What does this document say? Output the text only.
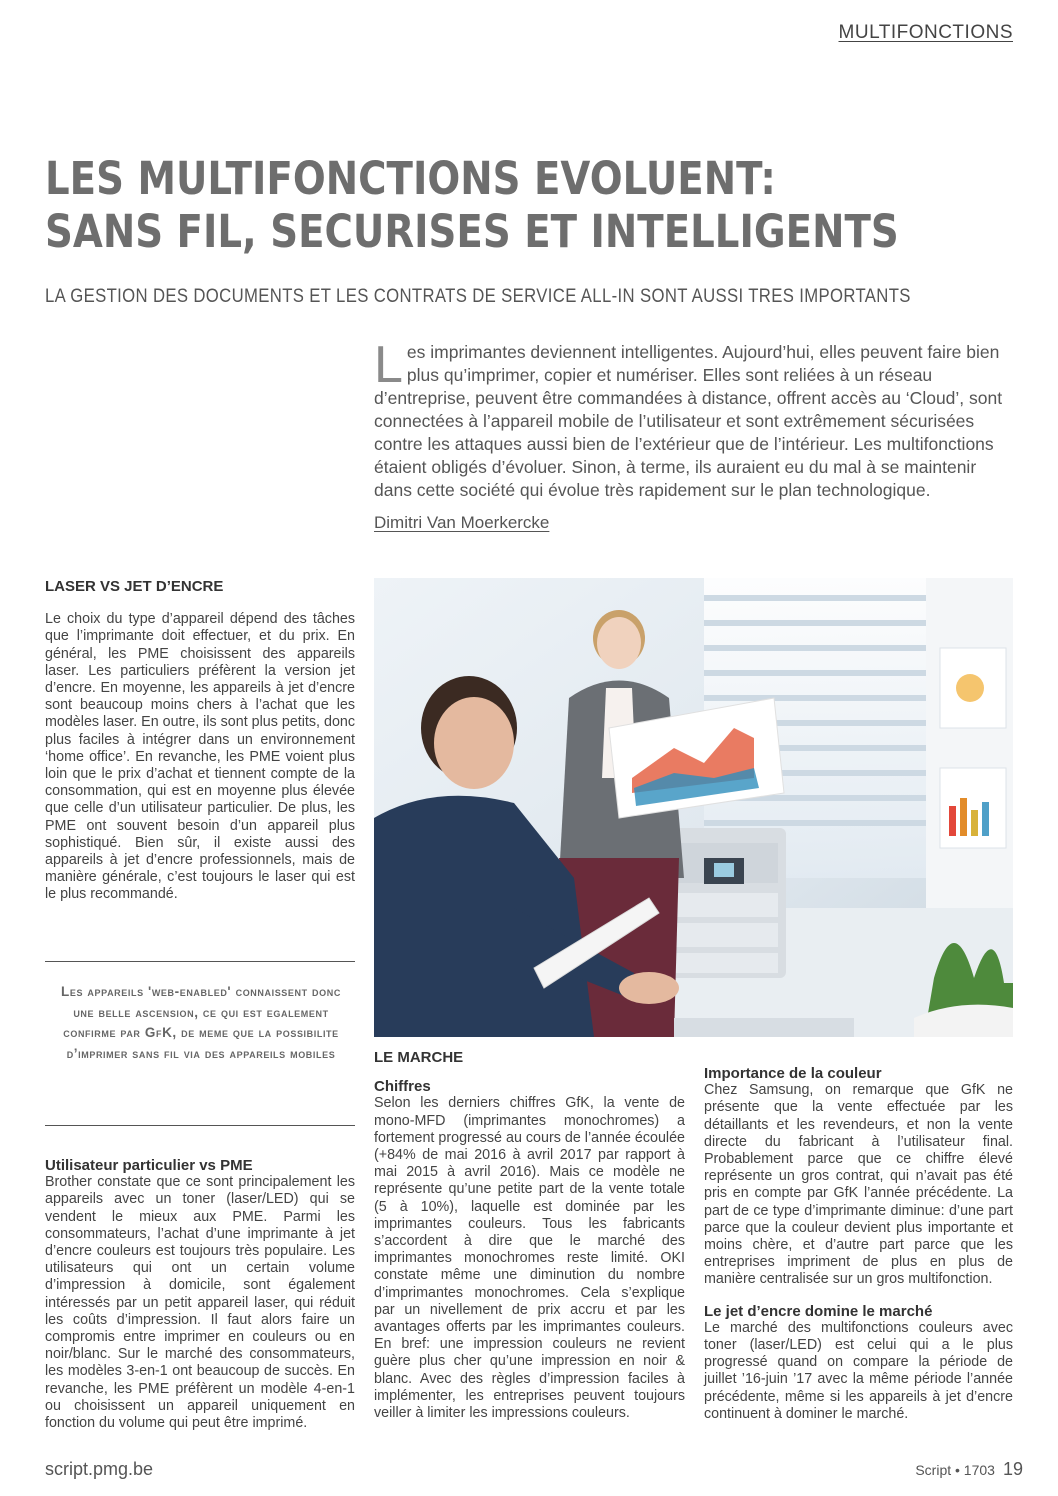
MULTIFONCTIONS
LES MULTIFONCTIONS EVOLUENT:
SANS FIL, SECURISES ET INTELLIGENTS
LA GESTION DES DOCUMENTS ET LES CONTRATS DE SERVICE ALL-IN SONT AUSSI TRES IMPORTANTS
L es imprimantes deviennent intelligentes. Aujourd’hui, elles peuvent faire bien plus qu’imprimer, copier et numériser. Elles sont reliées à un réseau d’entreprise, peuvent être commandées à distance, offrent accès au ‘Cloud’, sont connectées à l’appareil mobile de l’utilisateur et sont extrêmement sécurisées contre les attaques aussi bien de l’extérieur que de l’intérieur. Les multifonctions étaient obligés d’évoluer. Sinon, à terme, ils auraient eu du mal à se maintenir dans cette société qui évolue très rapidement sur le plan technologique.
Dimitri Van Moerkercke
LASER VS JET D’ENCRE

Le choix du type d’appareil dépend des tâches que l’imprimante doit effectuer, et du prix. En général, les PME choisissent des appareils laser. Les particuliers préfèrent la version jet d’encre. En moyenne, les appareils à jet d’encre sont beaucoup moins chers à l’achat que les modèles laser. En outre, ils sont plus petits, donc plus faciles à intégrer dans un environnement ‘home office’. En revanche, les PME voient plus loin que le prix d’achat et tiennent compte de la consommation, qui est en moyenne plus élevée que celle d’un utilisateur particulier. De plus, les PME ont souvent besoin d’un appareil plus sophistiqué. Bien sûr, il existe aussi des appareils à jet d’encre professionnels, mais de manière générale, c’est toujours le laser qui est le plus recommandé.

Les appareils 'web-enabled' connaissent donc une belle ascension, ce qui est egalement confirme par GfK, de meme que la possibilite d’imprimer sans fil via des appareils mobiles
Utilisateur particulier vs PME

Brother constate que ce sont principalement les appareils avec un toner (laser/LED) qui se vendent le mieux aux PME. Parmi les consommateurs, l’achat d’une imprimante à jet d’encre couleurs est toujours très populaire. Les utilisateurs qui ont un certain volume d’impression à domicile, sont également intéressés par un petit appareil laser, qui réduit les coûts d’impression. Il faut alors faire un compromis entre imprimer en couleurs ou en noir/blanc. Sur le marché des consommateurs, les modèles 3-en-1 ont beaucoup de succès. En revanche, les PME préfèrent un modèle 4-en-1 ou choisissent un appareil uniquement en fonction du volume qui peut être imprimé.

LE MARCHE
Chiffres

Selon les derniers chiffres GfK, la vente de mono-MFD (imprimantes monochromes) a fortement progressé au cours de l’année écoulée (+84% de mai 2016 à avril 2017 par rapport à mai 2015 à avril 2016). Mais ce modèle ne représente qu’une petite part de la vente totale (5 à 10%), laquelle est dominée par les imprimantes couleurs. Tous les fabricants s’accordent à dire que le marché des imprimantes monochromes reste limité. OKI constate même une diminution du nombre d’imprimantes monochromes. Cela s’explique par un nivellement de prix accru et par les avantages offerts par les imprimantes couleurs. En bref: une impression couleurs ne revient guère plus cher qu’une impression en noir & blanc. Avec des règles d’impression faciles à implémenter, les entreprises peuvent toujours veiller à limiter les impressions couleurs.

Importance de la couleur

Chez Samsung, on remarque que GfK ne présente que la vente effectuée par les détaillants et les revendeurs, et non la vente directe du fabricant à l’utilisateur final. Probablement parce que ce chiffre élevé représente un gros contrat, qui n’avait pas été pris en compte par GfK l’année précédente. La part de ce type d’imprimante diminue: d’une part parce que la couleur devient plus importante et moins chère, et d’autre part parce que les entreprises impriment de plus en plus de manière centralisée sur un gros multifonction.

Le jet d’encre domine le marché

Le marché des multifonctions couleurs avec toner (laser/LED) est celui qui a le plus progressé quand on compare la période de juillet ’16-juin ’17 avec la même période l’année précédente, même si les appareils à jet d’encre continuent à dominer le marché.

script.pmg.be	Script • 1703 19
